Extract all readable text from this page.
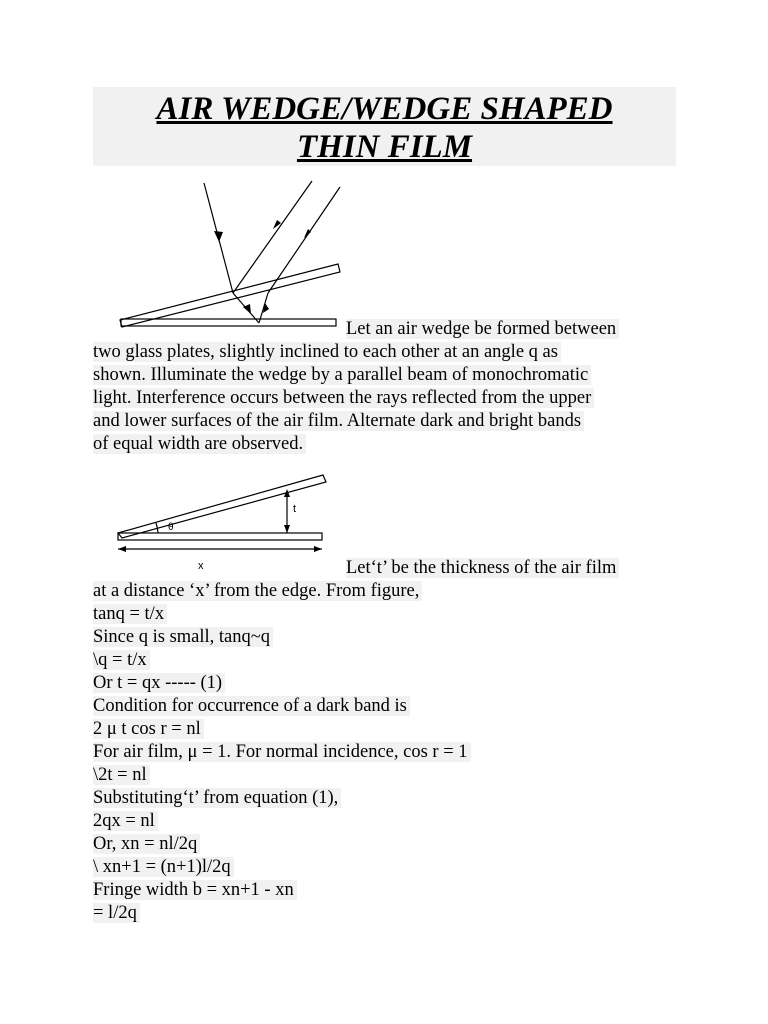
AIR WEDGE/WEDGE SHAPED
THIN FILM
t
θ
x
Let an air wedge be formed between
two glass plates, slightly inclined to each other at an angle q as
shown. Illuminate the wedge by a parallel beam of monochromatic
light. Interference occurs between the rays reflected from the upper
and lower surfaces of the air film. Alternate dark and bright bands
of equal width are observed.
Let‘t’ be the thickness of the air film
at a distance ‘x’ from the edge. From figure,
tanq = t/x
Since q is small, tanq~q
\q = t/x
Or t = qx ----- (1)
Condition for occurrence of a dark band is
2 μ t cos r = nl
For air film, μ = 1. For normal incidence, cos r = 1
\2t = nl
Substituting‘t’ from equation (1),
2qx = nl
Or, xn = nl/2q
\ xn+1 = (n+1)l/2q
Fringe width b = xn+1 - xn
= l/2q
